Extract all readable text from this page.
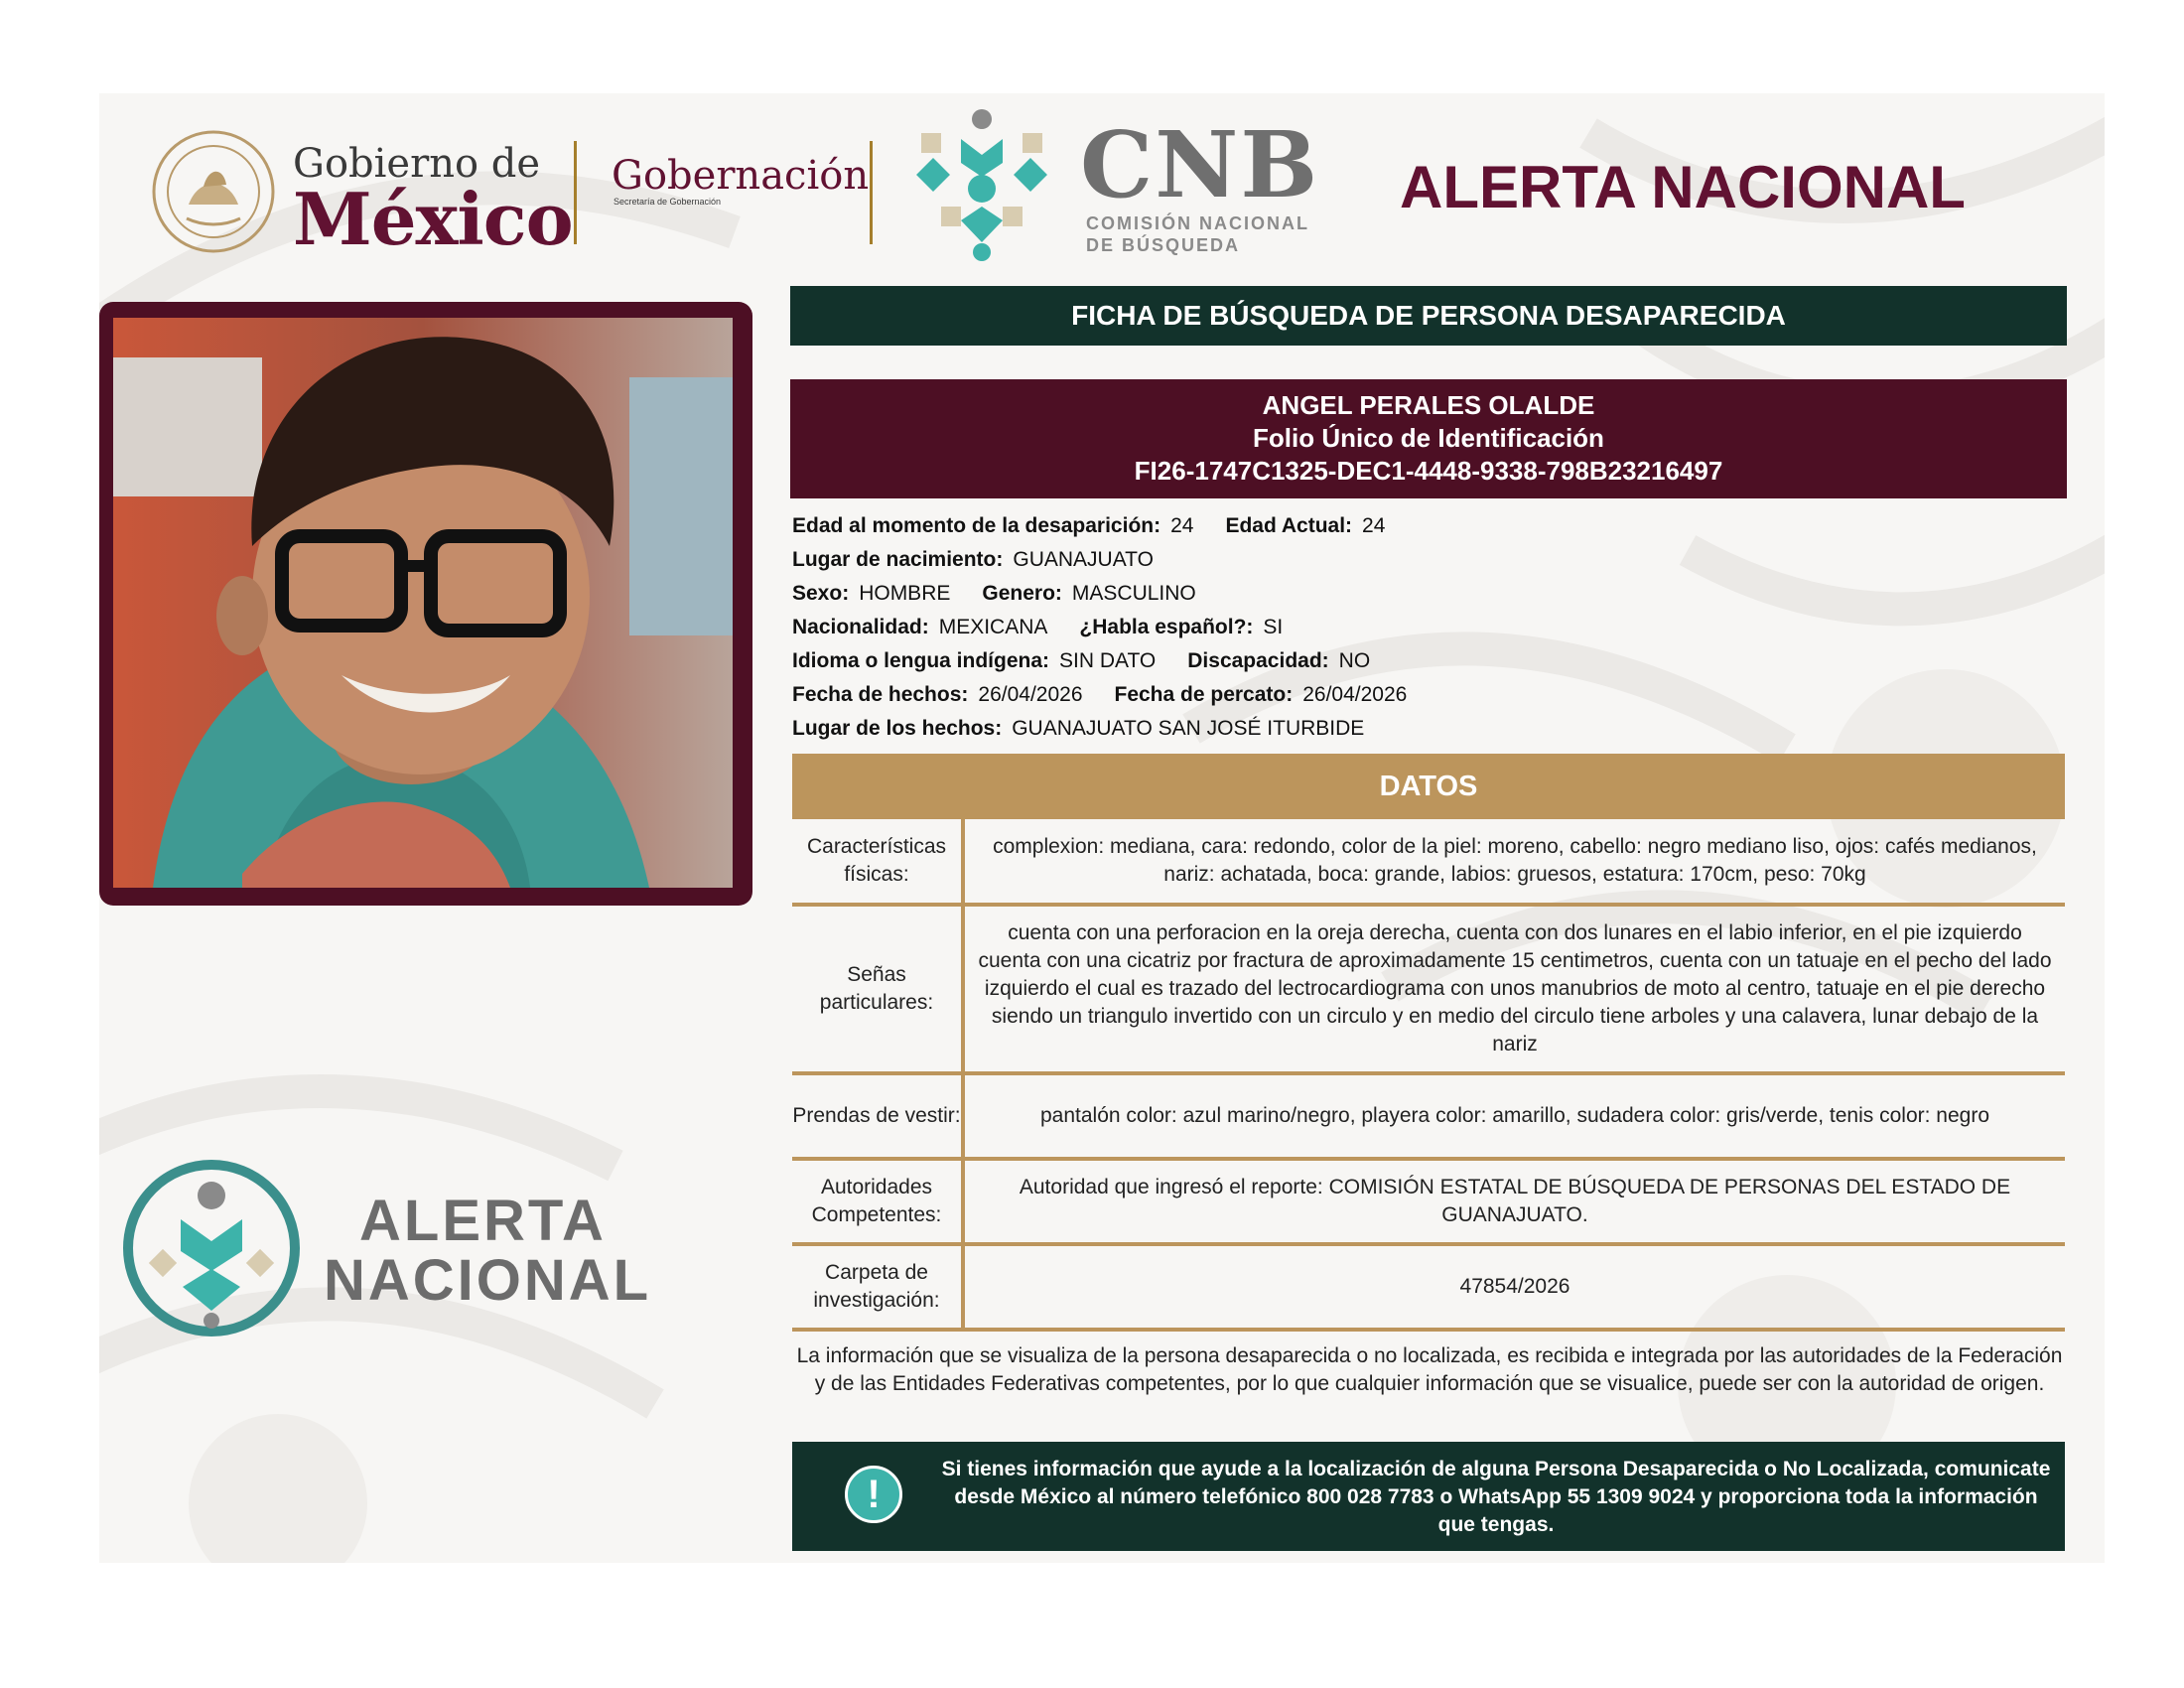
Gobierno de
México
Gobernación
Secretaría de Gobernación	CNB
COMISIÓN NACIONAL
DE BÚSQUEDA
ALERTA NACIONAL
FICHA DE BÚSQUEDA DE PERSONA DESAPARECIDA
ANGEL PERALES OLALDE
Folio Único de Identificación
FI26-1747C1325-DEC1-4448-9338-798B23216497
Edad al momento de la desaparición: 24 Edad Actual: 24
Lugar de nacimiento: GUANAJUATO
Sexo: HOMBRE Genero: MASCULINO
Nacionalidad: MEXICANA ¿Habla español?: SI
Idioma o lengua indígena: SIN DATO Discapacidad: NO
Fecha de hechos: 26/04/2026 Fecha de percato: 26/04/2026
Lugar de los hechos: GUANAJUATO SAN JOSÉ ITURBIDE
DATOS
Características físicas:
complexion: mediana, cara: redondo, color de la piel: moreno, cabello: negro mediano liso, ojos: cafés medianos, nariz: achatada, boca: grande, labios: gruesos, estatura: 170cm, peso: 70kg
Señas particulares:
cuenta con una perforacion en la oreja derecha, cuenta con dos lunares en el labio inferior, en el pie izquierdo cuenta con una cicatriz por fractura de aproximadamente 15 centimetros, cuenta con un tatuaje en el pecho del lado izquierdo el cual es trazado del lectrocardiograma con unos manubrios de moto al centro, tatuaje en el pie derecho siendo un triangulo invertido con un circulo y en medio del circulo tiene arboles y una calavera, lunar debajo de la nariz
Prendas de vestir:	pantalón color: azul marino/negro, playera color: amarillo, sudadera color: gris/verde, tenis color: negro
Autoridades Competentes:
Autoridad que ingresó el reporte: COMISIÓN ESTATAL DE BÚSQUEDA DE PERSONAS DEL ESTADO DE GUANAJUATO.
Carpeta de investigación:
47854/2026
La información que se visualiza de la persona desaparecida o no localizada, es recibida e integrada por las autoridades de la Federación y de las Entidades Federativas competentes, por lo que cualquier información que se visualice, puede ser con la autoridad de origen.
!
Si tienes información que ayude a la localización de alguna Persona Desaparecida o No Localizada, comunicate desde México al número telefónico 800 028 7783 o WhatsApp 55 1309 9024 y proporciona toda la información que tengas.
ALERTA
NACIONAL
